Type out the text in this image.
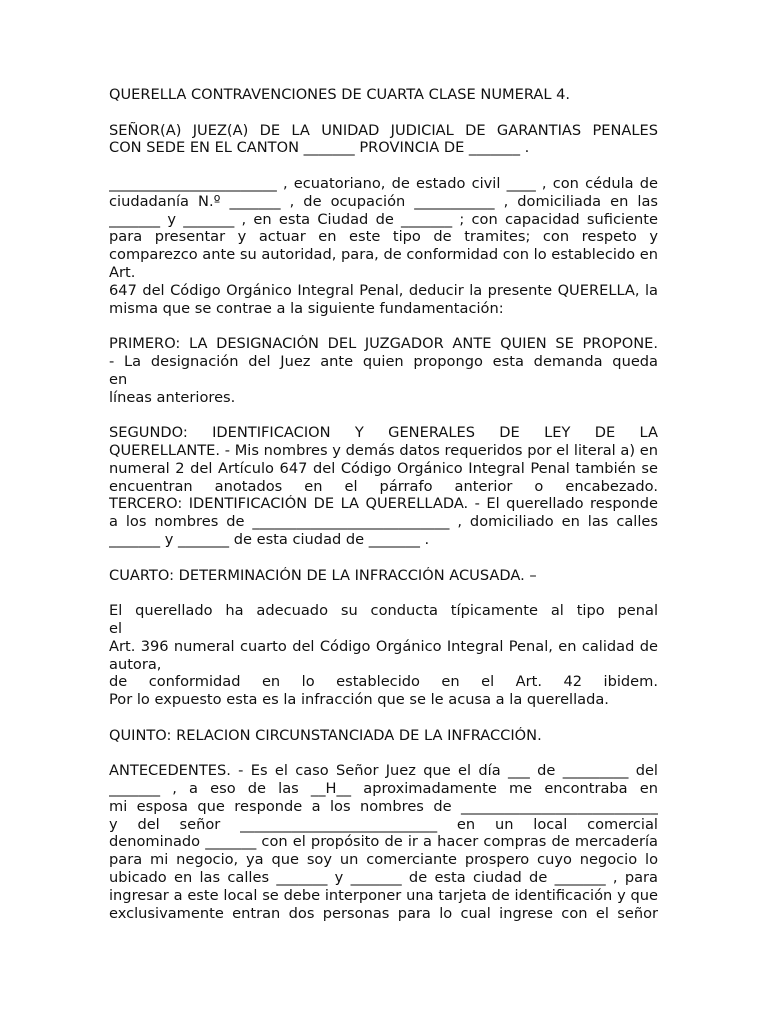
QUERELLA CONTRAVENCIONES DE CUARTA CLASE NUMERAL 4.
SEÑOR(A) JUEZ(A) DE LA UNIDAD JUDICIAL DE GARANTIAS PENALES
CON SEDE EN EL CANTON _______ PROVINCIA DE _______ .
_______________________ , ecuatoriano, de estado civil ____ , con cédula de
ciudadanía N.º _______ , de ocupación ___________ , domiciliada en las
_______ y _______ , en esta Ciudad de _______ ; con capacidad suficiente
para presentar y actuar en este tipo de tramites; con respeto y
comparezco ante su autoridad, para, de conformidad con lo establecido en
Art.
647 del Código Orgánico Integral Penal, deducir la presente QUERELLA, la
misma que se contrae a la siguiente fundamentación:
PRIMERO: LA DESIGNACIÓN DEL JUZGADOR ANTE QUIEN SE PROPONE.
- La designación del Juez ante quien propongo esta demanda queda
en
líneas anteriores.
SEGUNDO: IDENTIFICACION Y GENERALES DE LEY DE LA
QUERELLANTE. - Mis nombres y demás datos requeridos por el literal a) en
numeral 2 del Artículo 647 del Código Orgánico Integral Penal también se
encuentran anotados en el párrafo anterior o encabezado.
TERCERO: IDENTIFICACIÓN DE LA QUERELLADA. - El querellado responde
a los nombres de ___________________________ , domiciliado en las calles
_______ y _______ de esta ciudad de _______ .
CUARTO: DETERMINACIÓN DE LA INFRACCIÓN ACUSADA. –
El querellado ha adecuado su conducta típicamente al tipo penal
el
Art. 396 numeral cuarto del Código Orgánico Integral Penal, en calidad de
autora,
de conformidad en lo establecido en el Art. 42 ibidem.
Por lo expuesto esta es la infracción que se le acusa a la querellada.
QUINTO: RELACION CIRCUNSTANCIADA DE LA INFRACCIÓN.
ANTECEDENTES. - Es el caso Señor Juez que el día ___ de _________ del
_______ , a eso de las __H__ aproximadamente me encontraba en
mi esposa que responde a los nombres de ___________________________
y del señor ___________________________ en un local comercial
denominado _______ con el propósito de ir a hacer compras de mercadería
para mi negocio, ya que soy un comerciante prospero cuyo negocio lo
ubicado en las calles _______ y _______ de esta ciudad de _______ , para
ingresar a este local se debe interponer una tarjeta de identificación y que
exclusivamente entran dos personas para lo cual ingrese con el señor
